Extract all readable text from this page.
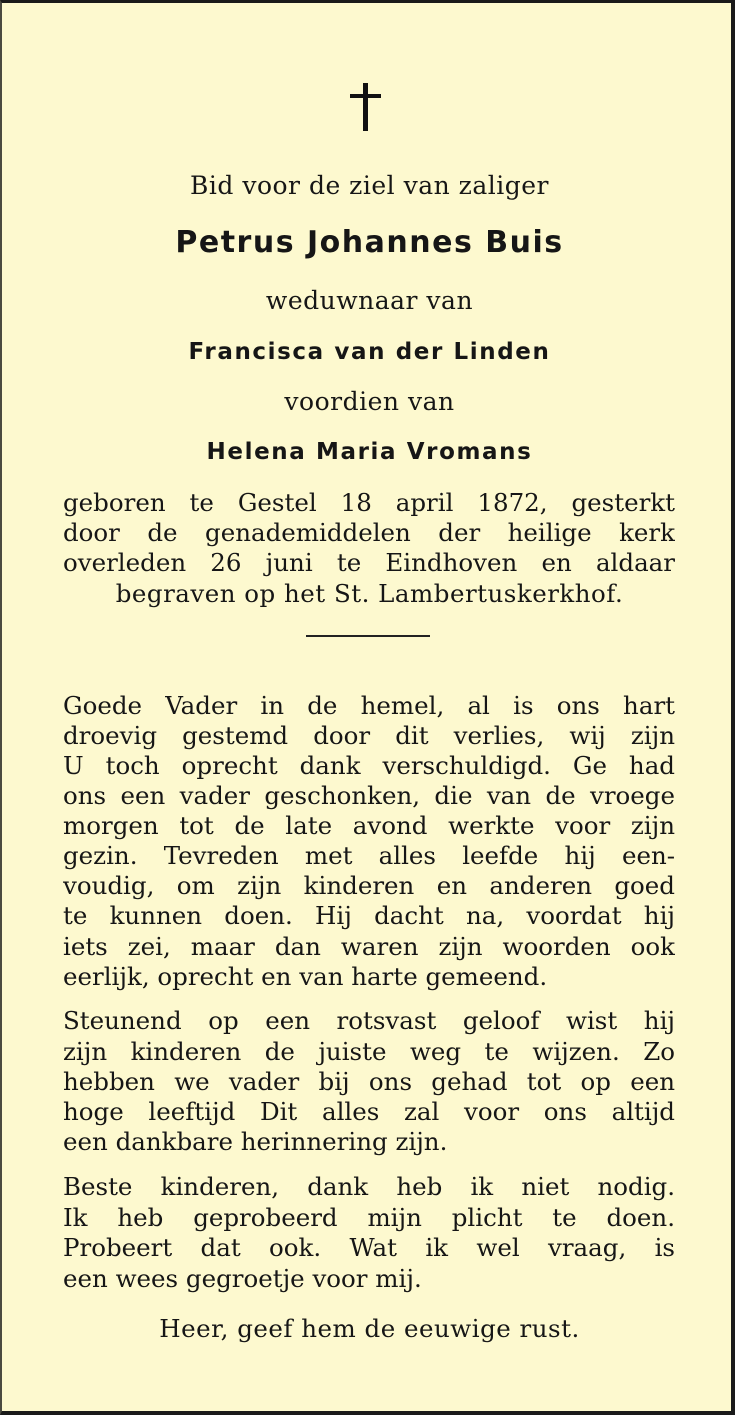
Bid voor de ziel van zaliger
Petrus Johannes Buis
weduwnaar van
Francisca van der Linden
voordien van
Helena Maria Vromans
geboren te Gestel 18 april 1872, gesterkt
door de genademiddelen der heilige kerk
overleden 26 juni te Eindhoven en aldaar
begraven op het St. Lambertuskerkhof.
Goede Vader in de hemel, al is ons hart
droevig gestemd door dit verlies, wij zijn
U toch oprecht dank verschuldigd. Ge had
ons een vader geschonken, die van de vroege
morgen tot de late avond werkte voor zijn
gezin. Tevreden met alles leefde hij een-
voudig, om zijn kinderen en anderen goed
te kunnen doen. Hij dacht na, voordat hij
iets zei, maar dan waren zijn woorden ook
eerlijk, oprecht en van harte gemeend.
Steunend op een rotsvast geloof wist hij
zijn kinderen de juiste weg te wijzen. Zo
hebben we vader bij ons gehad tot op een
hoge leeftijd Dit alles zal voor ons altijd
een dankbare herinnering zijn.
Beste kinderen, dank heb ik niet nodig.
Ik heb geprobeerd mijn plicht te doen.
Probeert dat ook. Wat ik wel vraag, is
een wees gegroetje voor mij.
Heer, geef hem de eeuwige rust.
